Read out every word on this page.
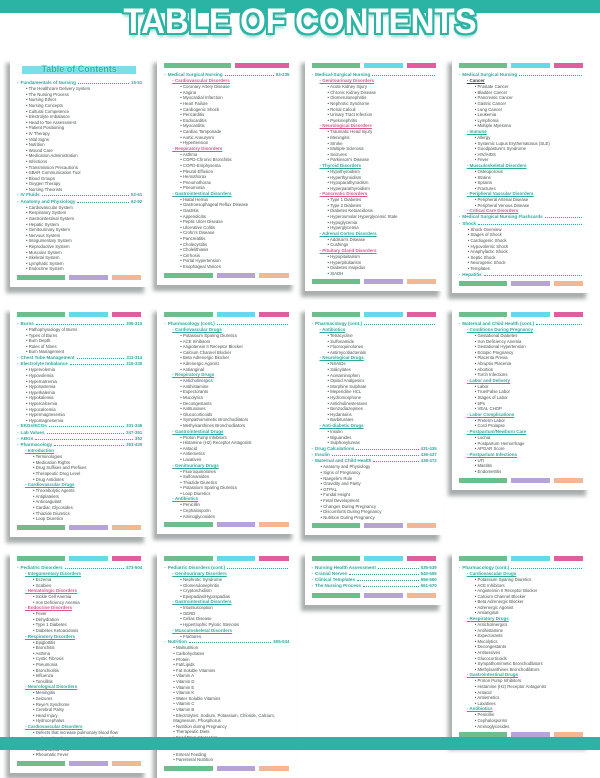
TABLE OF CONTENTS
Table of Contents
- Fundamentals of Nursing	15-51
• The Healthcare Delivery System
• The Nursing Process
• Nursing Ethics
• Nursing Concepts
• Cultural Competence
• Electrolyte Imbalance
• Head to Toe Assessment
• Patient Positioning
• IV Therapy
• Vital Signs
• Nutrition
• Wound Care
• Medication Administration
• Infections
• Transmission Precautions
• SBAR Communication Tool
• Blood Groups
• Oxygen Therapy
• Nursing Theorists
- IV Fluids	52-61
- Anatomy and Physiology	62-92
• Cardiovascular System
• Respiratory System
• Gastrointestinal System
• Hepatic System
• Genitourinary System
• Nervous System
• Integumentary System
• Reproductive System
• Muscular System
• Skeletal System
• Lymphatic System
• Endocrine System
- Medical Surgical Nursing	93-235
- Cardiovascular Disorders
• Coronary Artery Disease
• Angina
• Myocardial Infarction
• Heart Failure
• Cardiogenic Shock
• Pericarditis
• Endocarditis
• Myocarditis
• Cardiac Tamponade
• Aortic Aneurysm
• Hypertension
- Respiratory Disorders
• Asthma
• COPD-Chronic Bronchitis
• COPD-Emphysema
• Pleural Effusion
• Hemothorax
• Pneumothorax
• Pneumonia
- Gastrointestinal Disorders
• Hiatal Hernia
• Gastroesophageal Reflux Disease
• Gastritis
• Appendicitis
• Peptic Ulcer Disease
• Ulcerative Colitis
• Crohn's Disease
• Pancreatitis
• Cholecystitis
• Cholelithiasis
• Cirrhosis
• Portal Hypertension
• Esophageal Varices
- Medical-Surgical Nursing
- Genitourinary Disorders
• Acute Kidney Injury
• Chronic Kidney Disease
• Glomerulonephritis
• Nephrotic Syndrome
• Renal Calculi
• Urinary Tract Infection
• Pyelonephritis
- Neurological Disorders
• Traumatic Head Injury
• Meningitis
• Stroke
• Multiple Sclerosis
• Seizures
• Parkinson's Disease
- Thyroid Disorders
• Hypothyroidism
• Hyperthyroidism
• Hypoparathyroidism
• Hyperparathyroidism
- Pancreatic Disorders
• Type 1 Diabetes
• Type 2 Diabetes
• Diabetes Ketoacidosis
• Hyperosmolar Hyperglycemic State
• Hypoglycemia
• Hyperglycemia
- Adrenal Cortex Disorders
• Addison's Disease
• Cushings
- Pituitary Gland Disorders
• Hypopituitarism
• Hyperpituitarism
• Diabetes Insipidus
• SIADH
- Medical Surgical Nursing
- Cancer
• Prostate Cancer
• Bladder Cancer
• Pancreatic Cancer
• Gastric Cancer
• Lung Cancer
• Leukemia
• Lymphoma
• Multiple Myeloma
- Immune
• Allergy
• Systemic Lupus Erythematosus (SLE)
• Goodpasture's Syndrome
• HIV/AIDS
• Fever
- Musculoskeletal Disorders
• Osteoporosis
• Strains
• Sprains
• Fractures
- Peripheral Vascular Disorders
• Peripheral Arterial Disease
• Peripheral Venous Disease
- Critical Care Disorders
- Medical Surgical Nursing Flashcards
- Shock
• Shock Overview
• Stages of Shock
• Cardiogenic Shock
• Hypovolemic Shock
• Anaphylactic Shock
• Septic Shock
• Neurogenic Shock
• Templates
- Hepatitis
- Burns	305-310
• Pathophysiology of Burns
• Types of Burns
• Burn Depth
• Rules of Nines
• Burn Management
- Chest Tube Management	311-314
- Electrolyte Imbalance	315-330
• Hypervolemia
• Hypovolemia
• Hypernatremia
• Hyponatremia
• Hyperkalemia
• Hypokalemia
• Hypercalcemia
• Hypocalcemia
• Hypermagnesemia
• Hypomagnesemia
- EKGs/ECGs	331-346
- Lab Values	347-351
- ABGs	352
- Pharmacology	353-430
- Introduction
• Terminologies
• Medication Rights
• Drug Suffixes and Prefixes
• Therapeutic Drug Level
• Drug Antidotes
- Cardiovascular Drugs
• Thrombolytic Agents
• Antiplatelets
• Anticoagulant
• Cardiac Glycosides
• Thiazide Diuretics
• Loop Diuretics
- Pharmacology (cont.)
- Cardiovascular Drugs
• Potassium Sparing Diuretics
• ACE Inhibitors
• Angiotensin II Receptor Blocker
• Calcium Channel Blocker
• Beta Adrenergic Blocker
• Adrenergic Agonist
• Antianginal
- Respiratory Drugs
• Anticholinergics
• Antihistamine
• Expectorants
• Mucolytics
• Decongestants
• Antitussives
• Glucocorticoids
• Sympathomimetic Bronchodilators
• Methylxanthines Bronchodilators
- Gastrointestinal Drugs
• Proton Pump Inhibitors
• Histamine (H2) Receptor Antagonist
• Antacid
• Antiemetics
• Laxatives
- Genitourinary Drugs
• Fluoroquinolones
• Sulfonamides
• Thiazide Diuretics
• Potassium Sparing Diuretics
• Loop Diuretics
- Antibiotics
• Penicillin
• Cephalosporin
• Aminoglycosides
- Pharmacology (cont.)
- Antibiotics
• Tetracycline
• Sulfonamide
• Fluoroquinolones
• Antimycobacterials
- Neurological Drugs
• NSAIDs
• Salicylates
• Acetaminophen
• Opioid Analgesics
• Morphine Sulphate
• Meperidine HCL
• Hydromorphone
• Anticholinesterases
• Benzodiazepines
• Hydantoins
• Barbiturates
- Anti-diabetic Drugs
• Insulin
• Biguanides
• Sulphonylureas
- Drug Calculations	431-435
- Insulin	436-437
- Maternal and Child Health	438-472
• Anatomy and Physiology
• Signs of Pregnancy
• Naegele's Rule
• Gravidity and Parity
• GTPAL
• Fundal Height
• Fetal Development
• Changes During Pregnancy
• Discomforts During Pregnancy
• Nutrition During Pregnancy
- Maternal and Child Health (cont.)
- Conditions During Pregnancy
• Gestational Diabetes
• Iron Deficiency Anemia
• Gestational Hypertension
• Ectopic Pregnancy
• Placenta Previa
• Abruptio Placenta
• Abortion
• Torch Infections
- Labor and Delivery
• Labor
• True/False Labor
• Stages of Labor
• 5Ps
• VEAL CHOP
- Labor Complications
• Preterm Labor
• Cord Prolapse
- Postpartum/Newborn Care
• Lochia
• Postpartum Hemorrhage
• APGAR Score
- Postpartum Infections
• UTI
• Mastitis
• Endometritis
- Pediatric Disorders	473-504
- Integumentary Disorders
• Eczema
• Scabies
- Hematologic Disorders
• Sickle Cell Anemia
• Iron Deficiency Anemia
- Endocrine Disorders
• Fever
• Dehydration
• Type 1 Diabetes
• Diabetes Ketoacidosis
- Respiratory Disorders
• Epiglottitis
• Bronchitis
• Asthma
• Cystic Fibrosis
• Pneumonia
• Bronchiolitis
• Influenza
• Tonsillitis
- Neurological Disorders
• Meningitis
• Seizures
• Reye's Syndrome
• Cerebral Palsy
• Head Injury
• Hydrocephalus
- Cardiovascular Disorders
• Defects that increase pulmonary blood flow
• Rheumatic Fever
- Pediatric Disorders (cont.)
- Genitourinary Disorders
• Nephrotic Syndrome
• Glomerulonephritis
• Cryptorchidism
• Epispadias/Hypospadias
- Gastrointestinal Disorders
• Intussusception
• GERD
• Celiac Disease
• Hypertrophic Pyloric Stenosis
- Musculoskeletal Disorders
• Fractures
- Nutrition	505-534
• Malnutrition
• Carbohydrates
• Protein
• Fat/Lipids
• Fat Soluble Vitamins
• Vitamin A
• Vitamin D
• Vitamin E
• Vitamin K
• Water Soluble Vitamins
• Vitamin C
• Vitamin B
• Electrolytes: Sodium, Potassium, Chloride, Calcium, Magnesium, Phosphorus
• Nutrition during Pregnancy
• Therapeutic Diets
• Enteral Feeding
• Parenteral Nutrition
- Nursing Health Assessment	535-539
- Cranial Nerves	540-555
- Clinical Templates	556-560
- The Nursing Process	561-570
- Pharmacology (cont.)
- Cardiovascular Drugs
• Potassium Sparing Diuretics
• ACE Inhibitors
• Angiotensin II Receptor Blocker
• Calcium Channel Blocker
• Beta Adrenergic Blocker
• Adrenergic Agonist
• Antianginal
- Respiratory Drugs
• Anticholinergics
• Antihistamine
• Expectorants
• Mucolytics
• Decongestants
• Antitussives
• Glucocorticoids
• Sympathomimetic Bronchodilators
• Methylxanthines Bronchodilators
- Gastrointestinal Drugs
• Proton Pump Inhibitors
• Histamine (H2) Receptor Antagonist
• Antacid
• Antiemetics
• Laxatives
- Antibiotics
• Penicillin
• Cephalosporins
• Aminoglycosides
